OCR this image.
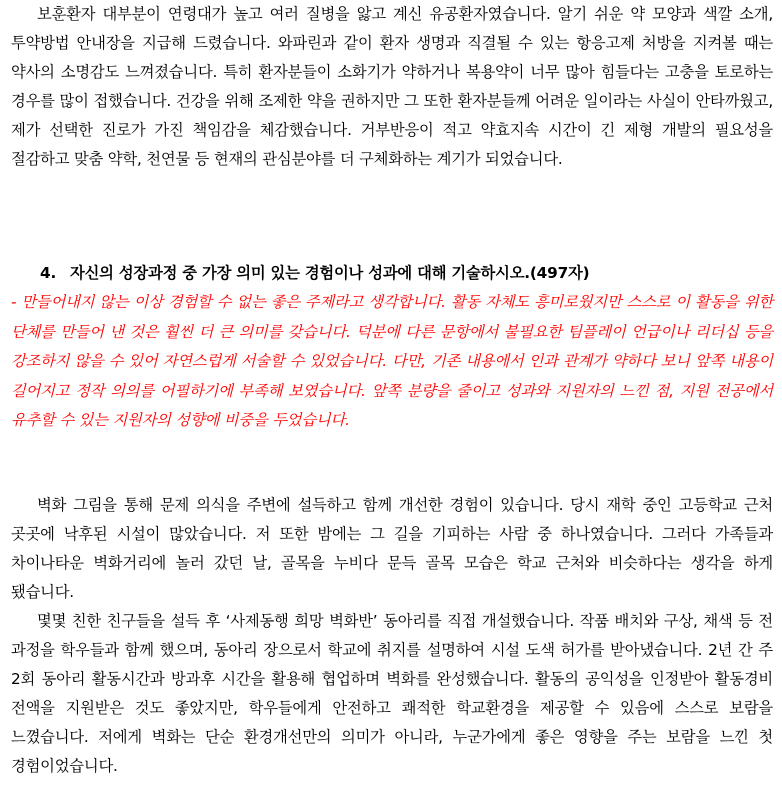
보훈환자 대부분이 연령대가 높고 여러 질병을 앓고 계신 유공환자였습니다. 알기 쉬운 약 모양과 색깔 소개, 투약방법 안내장을 지급해 드렸습니다. 와파린과 같이 환자 생명과 직결될 수 있는 항응고제 처방을 지켜볼 때는 약사의 소명감도 느껴졌습니다. 특히 환자분들이 소화기가 약하거나 복용약이 너무 많아 힘들다는 고충을 토로하는 경우를 많이 접했습니다. 건강을 위해 조제한 약을 권하지만 그 또한 환자분들께 어려운 일이라는 사실이 안타까웠고, 제가 선택한 진로가 가진 책임감을 체감했습니다. 거부반응이 적고 약효지속 시간이 긴 제형 개발의 필요성을 절감하고 맞춤 약학, 천연물 등 현재의 관심분야를 더 구체화하는 계기가 되었습니다.

4. 자신의 성장과정 중 가장 의미 있는 경험이나 성과에 대해 기술하시오.(497자)

- 만들어내지 않는 이상 경험할 수 없는 좋은 주제라고 생각합니다. 활동 자체도 흥미로웠지만 스스로 이 활동을 위한 단체를 만들어 낸 것은 훨씬 더 큰 의미를 갖습니다. 덕분에 다른 문항에서 불필요한 팀플레이 언급이나 리더십 등을 강조하지 않을 수 있어 자연스럽게 서술할 수 있었습니다. 다만, 기존 내용에서 인과 관계가 약하다 보니 앞쪽 내용이 길어지고 정작 의의를 어필하기에 부족해 보였습니다. 앞쪽 분량을 줄이고 성과와 지원자의 느낀 점, 지원 전공에서 유추할 수 있는 지원자의 성향에 비중을 두었습니다.

벽화 그림을 통해 문제 의식을 주변에 설득하고 함께 개선한 경험이 있습니다. 당시 재학 중인 고등학교 근처 곳곳에 낙후된 시설이 많았습니다. 저 또한 밤에는 그 길을 기피하는 사람 중 하나였습니다. 그러다 가족들과 차이나타운 벽화거리에 놀러 갔던 날, 골목을 누비다 문득 골목 모습은 학교 근처와 비슷하다는 생각을 하게 됐습니다.

몇몇 친한 친구들을 설득 후 ‘사제동행 희망 벽화반’ 동아리를 직접 개설했습니다. 작품 배치와 구상, 채색 등 전 과정을 학우들과 함께 했으며, 동아리 장으로서 학교에 취지를 설명하여 시설 도색 허가를 받아냈습니다. 2년 간 주 2회 동아리 활동시간과 방과후 시간을 활용해 협업하며 벽화를 완성했습니다. 활동의 공익성을 인정받아 활동경비 전액을 지원받은 것도 좋았지만, 학우들에게 안전하고 쾌적한 학교환경을 제공할 수 있음에 스스로 보람을 느꼈습니다. 저에게 벽화는 단순 환경개선만의 의미가 아니라, 누군가에게 좋은 영향을 주는 보람을 느낀 첫 경험이었습니다.
